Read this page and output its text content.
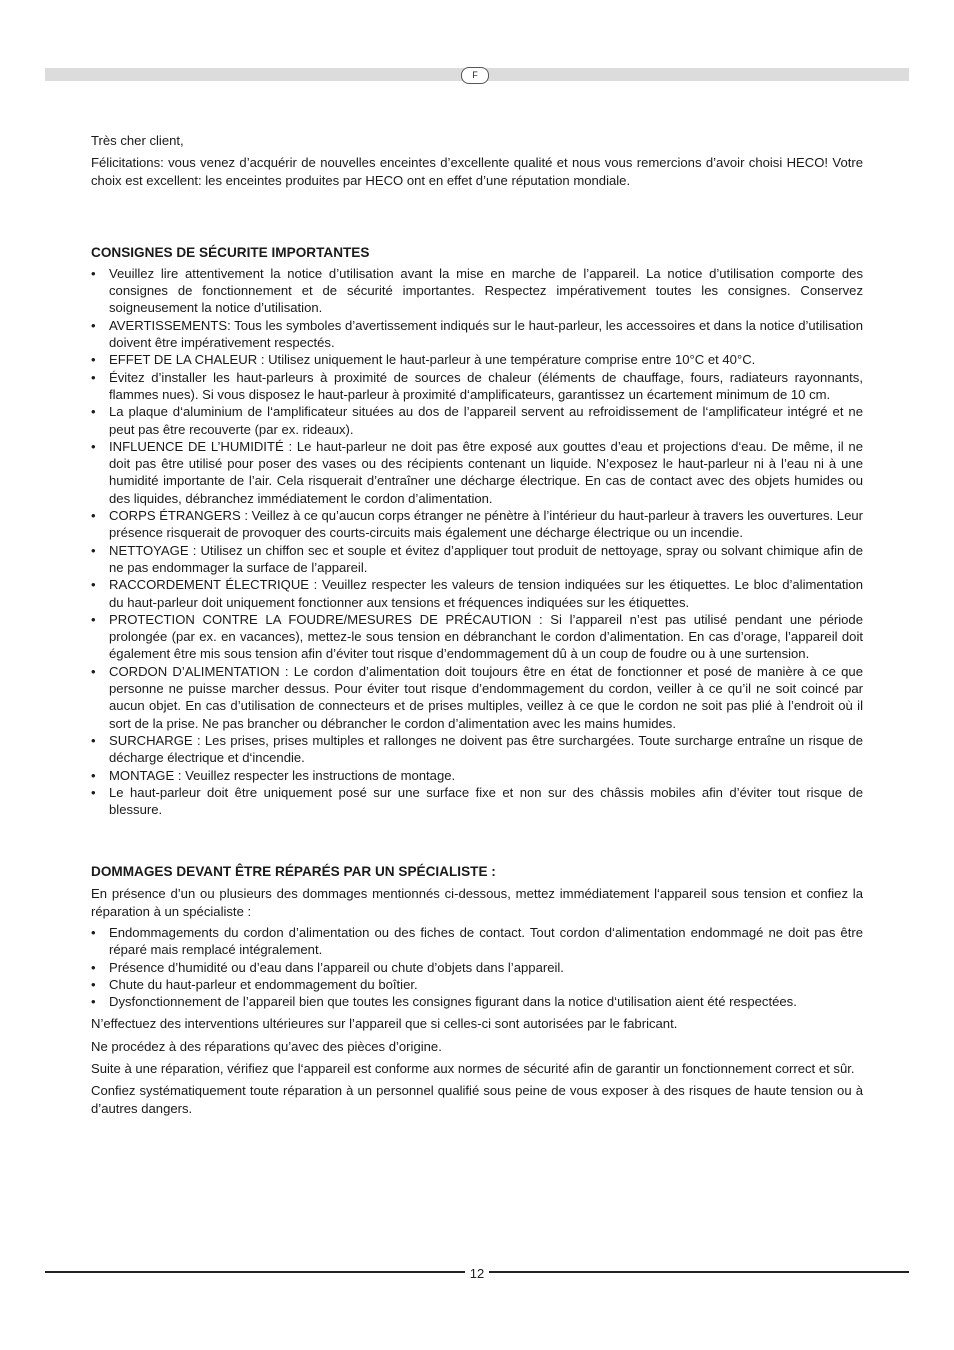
F

Très cher client,

Félicitations: vous venez d’acquérir de nouvelles enceintes d’excellente qualité et nous vous remercions d’avoir choisi HECO! Votre choix est excellent: les enceintes produites par HECO ont en effet d’une réputation mondiale.

CONSIGNES DE SÉCURITE IMPORTANTES
• Veuillez lire attentivement la notice d’utilisation avant la mise en marche de l’appareil. La notice d’utilisation comporte des consignes de fonctionnement et de sécurité importantes. Respectez impérativement toutes les consignes. Conservez soigneusement la notice d’utilisation.
• AVERTISSEMENTS: Tous les symboles d’avertissement indiqués sur le haut-parleur, les accessoires et dans la notice d’utilisation doivent être impérativement respectés.
• EFFET DE LA CHALEUR : Utilisez uniquement le haut-parleur à une température comprise entre 10°C et 40°C.
• Évitez d’installer les haut-parleurs à proximité de sources de chaleur (éléments de chauffage, fours, radiateurs rayonnants, flammes nues). Si vous disposez le haut-parleur à proximité d‘amplificateurs, garantissez un écartement minimum de 10 cm.
• La plaque d‘aluminium de l‘amplificateur situées au dos de l’appareil servent au refroidissement de l‘amplificateur intégré et ne peut pas être recouverte (par ex. rideaux).
• INFLUENCE DE L’HUMIDITÉ : Le haut-parleur ne doit pas être exposé aux gouttes d’eau et projections d‘eau. De même, il ne doit pas être utilisé pour poser des vases ou des récipients contenant un liquide. N’exposez le haut-parleur ni à l’eau ni à une humidité importante de l’air. Cela risquerait d’entraîner une décharge électrique. En cas de contact avec des objets humides ou des liquides, débranchez immédiatement le cordon d’alimentation.
• CORPS ÉTRANGERS : Veillez à ce qu’aucun corps étranger ne pénètre à l’intérieur du haut-parleur à travers les ouvertures. Leur présence risquerait de provoquer des courts-circuits mais également une décharge électrique ou un incendie.
• NETTOYAGE : Utilisez un chiffon sec et souple et évitez d’appliquer tout produit de nettoyage, spray ou solvant chimique afin de ne pas endommager la surface de l’appareil.
• RACCORDEMENT ÉLECTRIQUE : Veuillez respecter les valeurs de tension indiquées sur les étiquettes. Le bloc d’alimentation du haut-parleur doit uniquement fonctionner aux tensions et fréquences indiquées sur les étiquettes.
• PROTECTION CONTRE LA FOUDRE/MESURES DE PRÉCAUTION : Si l’appareil n’est pas utilisé pendant une période prolongée (par ex. en vacances), mettez-le sous tension en débranchant le cordon d’alimentation. En cas d’orage, l’appareil doit également être mis sous tension afin d’éviter tout risque d’endommagement dû à un coup de foudre ou à une surtension.
• CORDON D’ALIMENTATION : Le cordon d’alimentation doit toujours être en état de fonctionner et posé de manière à ce que personne ne puisse marcher dessus. Pour éviter tout risque d’endommagement du cordon, veiller à ce qu’il ne soit coincé par aucun objet. En cas d’utilisation de connecteurs et de prises multiples, veillez à ce que le cordon ne soit pas plié à l’endroit où il sort de la prise. Ne pas brancher ou débrancher le cordon d’alimentation avec les mains humides.
• SURCHARGE : Les prises, prises multiples et rallonges ne doivent pas être surchargées. Toute surcharge entraîne un risque de décharge électrique et d‘incendie.
• MONTAGE : Veuillez respecter les instructions de montage.
• Le haut-parleur doit être uniquement posé sur une surface fixe et non sur des châssis mobiles afin d’éviter tout risque de blessure.
DOMMAGES DEVANT ÊTRE RÉPARÉS PAR UN SPÉCIALISTE :

En présence d’un ou plusieurs des dommages mentionnés ci-dessous, mettez immédiatement l‘appareil sous tension et confiez la réparation à un spécialiste :

• Endommagements du cordon d’alimentation ou des fiches de contact. Tout cordon d‘alimentation endommagé ne doit pas être réparé mais remplacé intégralement.
• Présence d’humidité ou d’eau dans l’appareil ou chute d’objets dans l’appareil.
• Chute du haut-parleur et endommagement du boîtier.
• Dysfonctionnement de l’appareil bien que toutes les consignes figurant dans la notice d‘utilisation aient été respectées.

N’effectuez des interventions ultérieures sur l’appareil que si celles-ci sont autorisées par le fabricant.

Ne procédez à des réparations qu’avec des pièces d’origine.

Suite à une réparation, vérifiez que l‘appareil est conforme aux normes de sécurité afin de garantir un fonctionnement correct et sûr.

Confiez systématiquement toute réparation à un personnel qualifié sous peine de vous exposer à des risques de haute tension ou à d’autres dangers.

12
